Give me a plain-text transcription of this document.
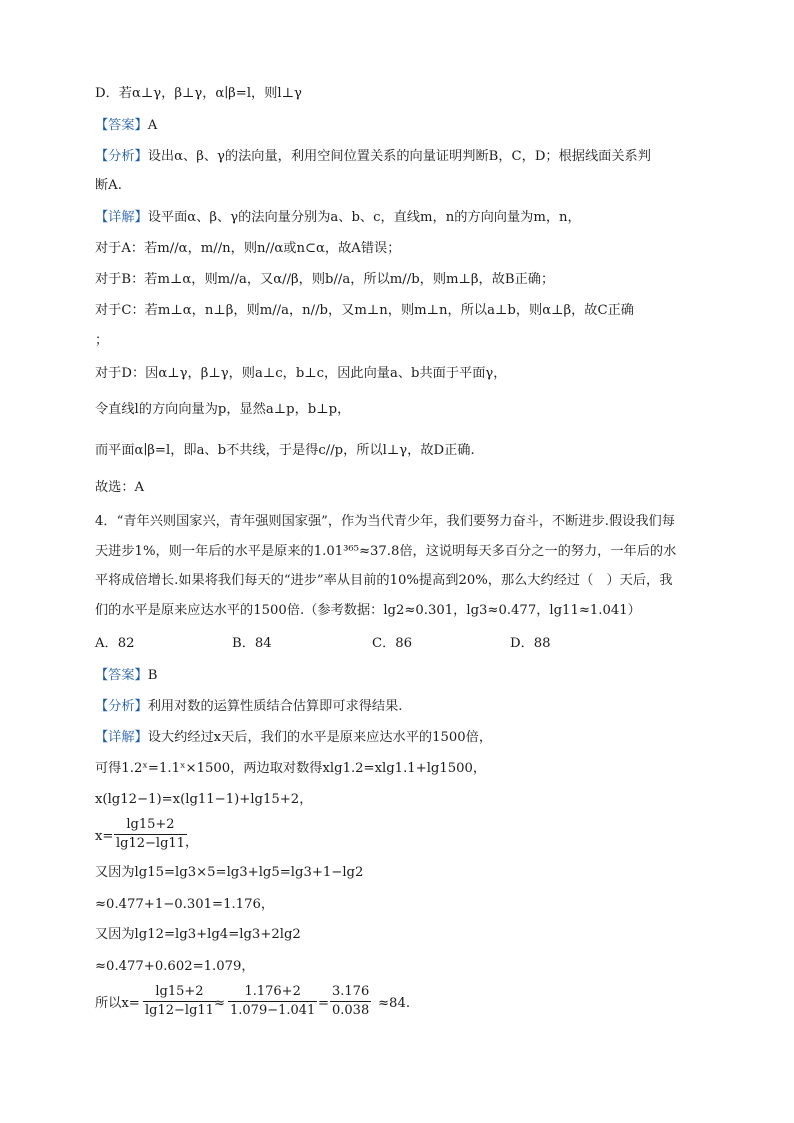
D．若α⊥γ，β⊥γ，α∣β=l，则l⊥γ
【答案】A
【分析】设出α、β、γ的法向量，利用空间位置关系的向量证明判断B，C，D；根据线面关系判
断A.
【详解】设平面α、β、γ的法向量分别为a、b、c，直线m，n的方向向量为m，n，
对于A：若m//α，m//n，则n//α或n⊂α，故A错误；
对于B：若m⊥α，则m//a，又α//β，则b//a，所以m//b，则m⊥β，故B正确；
对于C：若m⊥α，n⊥β，则m//a，n//b，又m⊥n，则m⊥n，所以a⊥b，则α⊥β，故C正确
；
对于D：因α⊥γ，β⊥γ，则a⊥c，b⊥c，因此向量a、b共面于平面γ，
令直线l的方向向量为p，显然a⊥p，b⊥p，
而平面α∣β=l，即a、b不共线，于是得c//p，所以l⊥γ，故D正确.
故选：A
4．“青年兴则国家兴，青年强则国家强”，作为当代青少年，我们要努力奋斗，不断进步.假设我们每
天进步1%，则一年后的水平是原来的1.01³⁶⁵≈37.8倍，这说明每天多百分之一的努力，一年后的水
平将成倍增长.如果将我们每天的“进步”率从目前的10%提高到20%，那么大约经过（　）天后，我
们的水平是原来应达水平的1500倍.（参考数据：lg2≈0.301，lg3≈0.477，lg11≈1.041）
A．82	B．84	C．86	D．88
【答案】B
【分析】利用对数的运算性质结合估算即可求得结果.
【详解】设大约经过x天后，我们的水平是原来应达水平的1500倍，
可得1.2ˣ=1.1ˣ×1500，两边取对数得xlg1.2=xlg1.1+lg1500，
x(lg12−1)=x(lg11−1)+lg15+2，
x=
lg15+2
lg12−lg11 ，
又因为lg15=lg3×5=lg3+lg5=lg3+1−lg2
≈0.477+1−0.301=1.176，
又因为lg12=lg3+lg4=lg3+2lg2
≈0.477+0.602=1.079，
所以x=
lg15+2
lg12−lg11 ≈
1.176+2
1.079−1.041 =
3.176
0.038 ≈84.
